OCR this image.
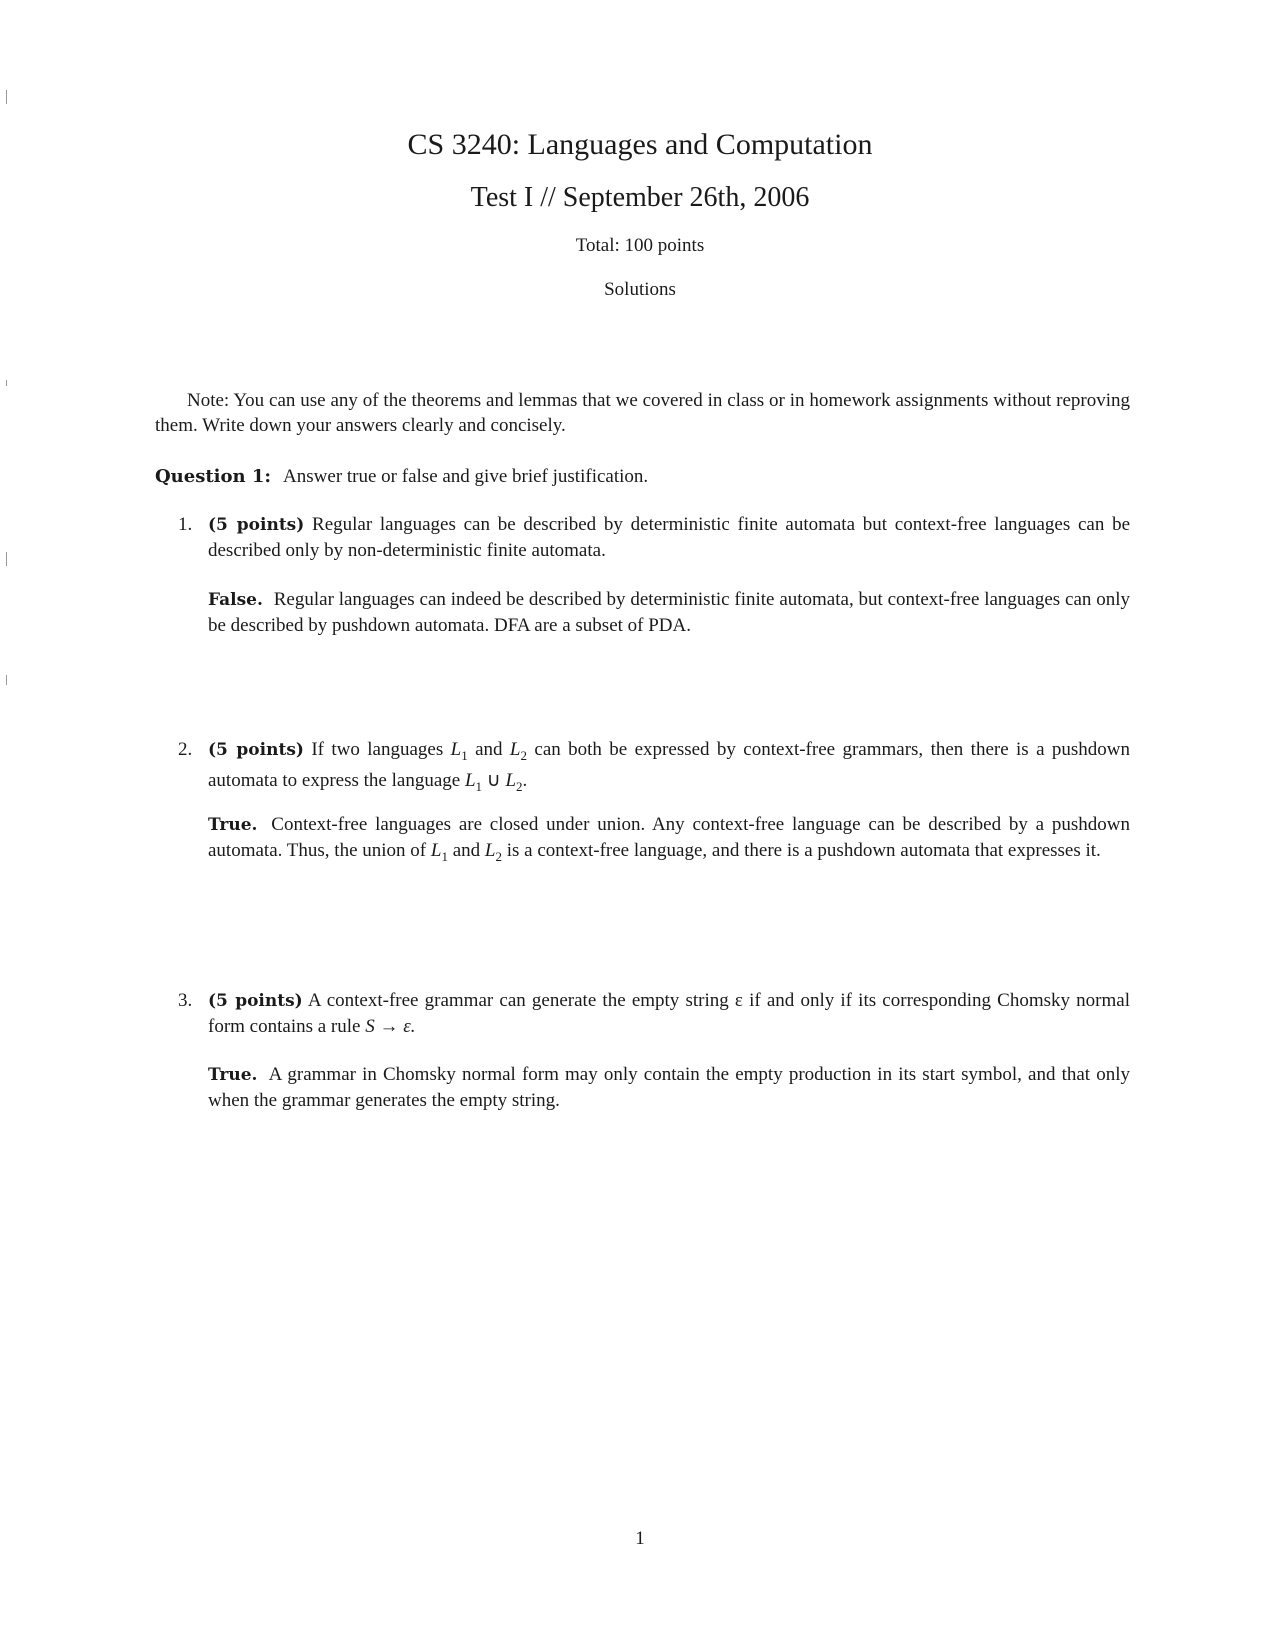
CS 3240: Languages and Computation
Test I // September 26th, 2006
Total: 100 points
Solutions
Note: You can use any of the theorems and lemmas that we covered in class or in homework assignments without reproving them. Write down your answers clearly and concisely.
Question 1: Answer true or false and give brief justification.
1. (5 points) Regular languages can be described by deterministic finite automata but context-free languages can be described only by non-deterministic finite automata.
False. Regular languages can indeed be described by deterministic finite automata, but context-free languages can only be described by pushdown automata. DFA are a subset of PDA.
2. (5 points) If two languages $L_1$ and $L_2$ can both be expressed by context-free grammars, then there is a pushdown automata to express the language $L_1$ ∪ $L_2$.
True. Context-free languages are closed under union. Any context-free language can be described by a pushdown automata. Thus, the union of $L_1$ and $L_2$ is a context-free language, and there is a pushdown automata that expresses it.
3. (5 points) A context-free grammar can generate the empty string ε if and only if its corresponding Chomsky normal form contains a rule S → ε.
True. A grammar in Chomsky normal form may only contain the empty production in its start symbol, and that only when the grammar generates the empty string.
1
